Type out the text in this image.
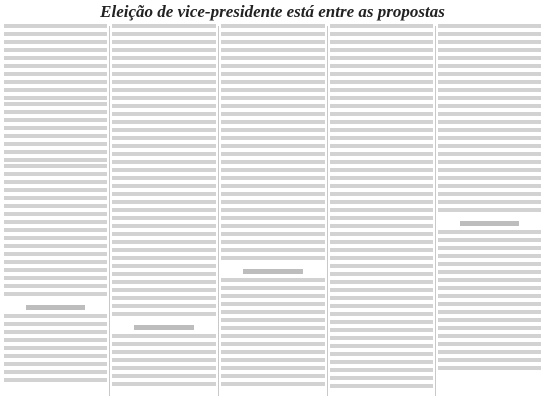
Eleição de vice-presidente está entre as propostas
